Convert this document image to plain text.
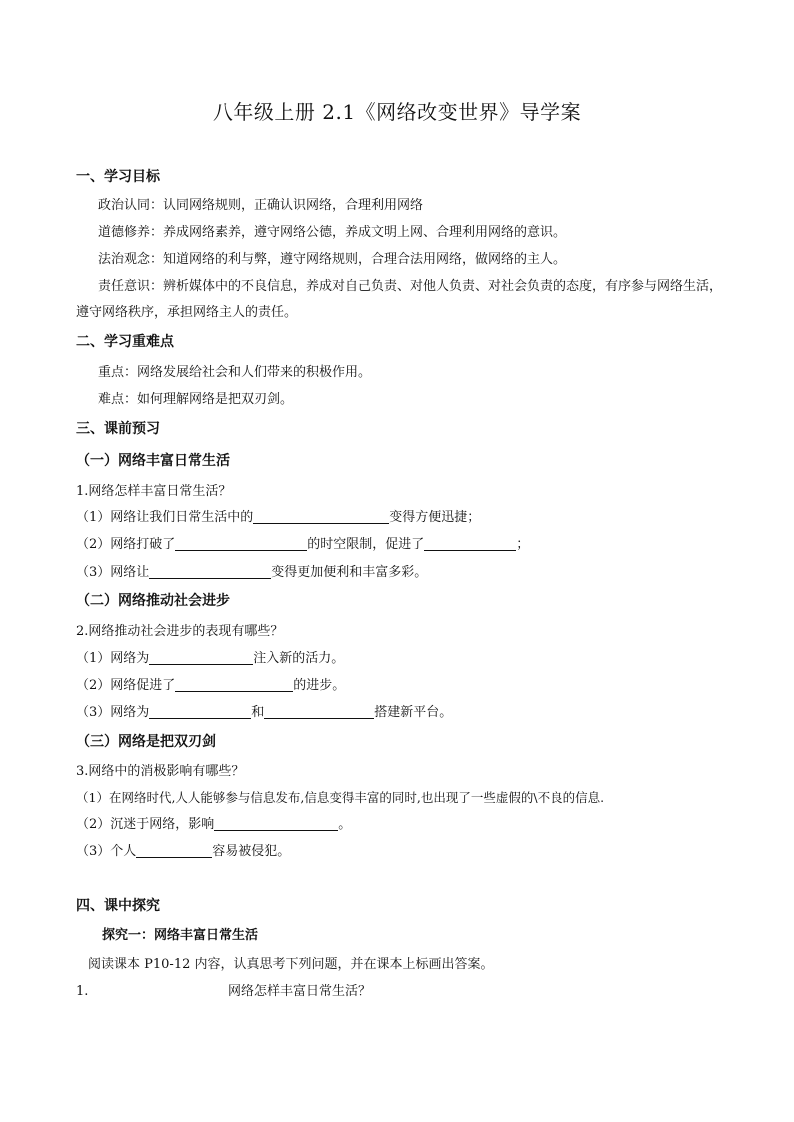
八年级上册 2.1《网络改变世界》导学案
一、学习目标
政治认同：认同网络规则，正确认识网络，合理利用网络
道德修养：养成网络素养，遵守网络公德，养成文明上网、合理利用网络的意识。
法治观念：知道网络的利与弊，遵守网络规则，合理合法用网络，做网络的主人。
责任意识：辨析媒体中的不良信息，养成对自己负责、对他人负责、对社会负责的态度，有序参与网络生活，遵守网络秩序，承担网络主人的责任。
二、学习重难点
重点：网络发展给社会和人们带来的积极作用。
难点：如何理解网络是把双刃剑。
三、课前预习
（一）网络丰富日常生活
1.网络怎样丰富日常生活？
（1）网络让我们日常生活中的	变得方便迅捷；
（2）网络打破了	的时空限制，促进了	；
（3）网络让	变得更加便利和丰富多彩。
（二）网络推动社会进步
2.网络推动社会进步的表现有哪些？
（1）网络为	注入新的活力。
（2）网络促进了	的进步。
（3）网络为	和	搭建新平台。
（三）网络是把双刃剑
3.网络中的消极影响有哪些？
（1）在网络时代,人人能够参与信息发布,信息变得丰富的同时,也出现了一些虚假的\不良的信息.
（2）沉迷于网络，影响	。
（3）个人	容易被侵犯。
四、课中探究
探究一：网络丰富日常生活
阅读课本 P10-12 内容，认真思考下列问题，并在课本上标画出答案。
1.	网络怎样丰富日常生活？
